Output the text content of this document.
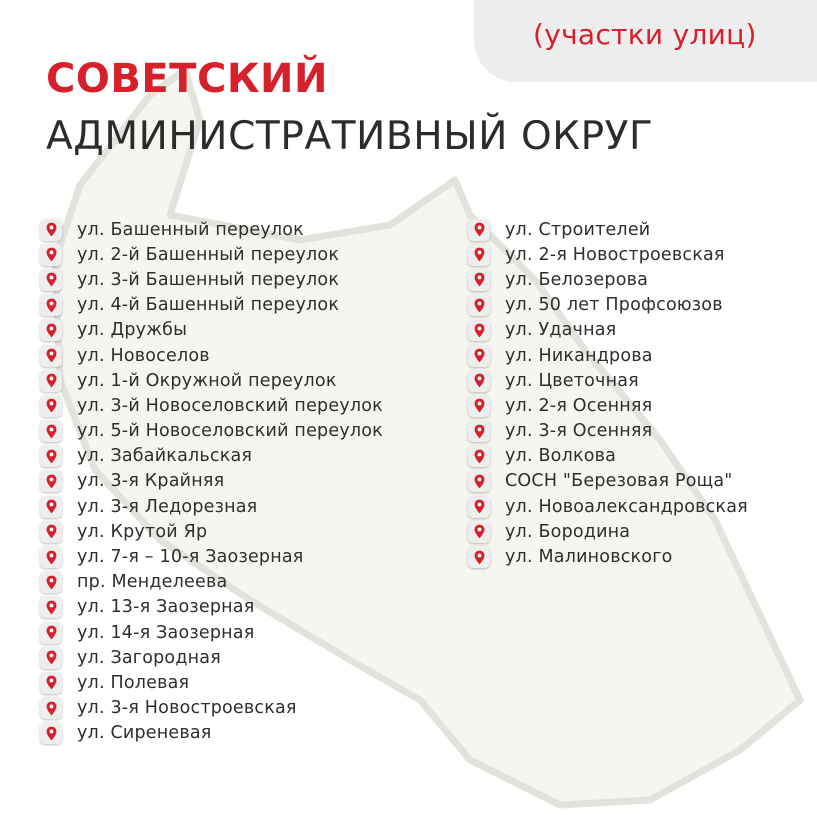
(участки улиц)
СОВЕТСКИЙ
АДМИНИСТРАТИВНЫЙ ОКРУГ
ул. Башенный переулок
ул. 2-й Башенный переулок
ул. 3-й Башенный переулок
ул. 4-й Башенный переулок
ул. Дружбы
ул. Новоселов
ул. 1-й Окружной переулок
ул. 3-й Новоселовский переулок
ул. 5-й Новоселовский переулок
ул. Забайкальская
ул. 3-я Крайняя
ул. 3-я Ледорезная
ул. Крутой Яр
ул. 7-я – 10-я Заозерная
пр. Менделеева
ул. 13-я Заозерная
ул. 14-я Заозерная
ул. Загородная
ул. Полевая
ул. 3-я Новостроевская
ул. Сиреневая
ул. Строителей
ул. 2-я Новостроевская
ул. Белозерова
ул. 50 лет Профсоюзов
ул. Удачная
ул. Никандрова
ул. Цветочная
ул. 2-я Осенняя
ул. 3-я Осенняя
ул. Волкова
СОСН "Березовая Роща"
ул. Новоалександровская
ул. Бородина
ул. Малиновского
